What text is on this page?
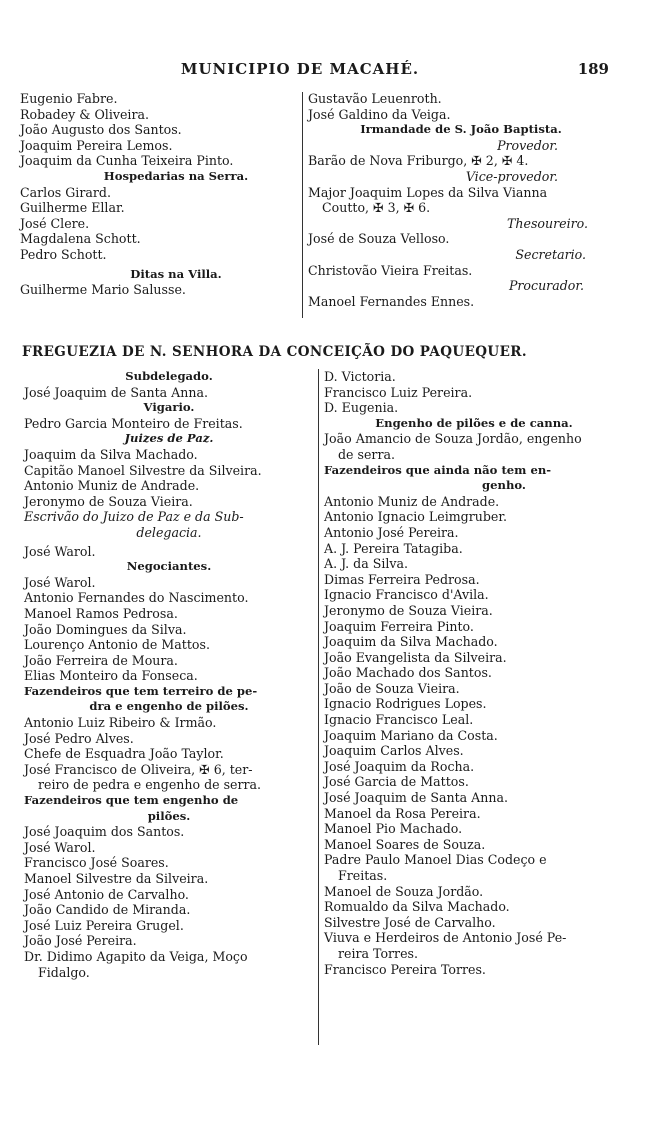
MUNICIPIO DE MACAHÉ.	189
Eugenio Fabre.
Robadey & Oliveira.
João Augusto dos Santos.
Joaquim Pereira Lemos.
Joaquim da Cunha Teixeira Pinto.
Hospedarias na Serra.
Carlos Girard.
Guilherme Ellar.
José Clere.
Magdalena Schott.
Pedro Schott.
Ditas na Villa.
Guilherme Mario Salusse.
Gustavão Leuenroth.
José Galdino da Veiga.
Irmandade de S. João Baptista.
Provedor.
Barão de Nova Friburgo, ✠ 2, ✠ 4.
Vice-provedor.
Major Joaquim Lopes da Silva Vianna
Coutto, ✠ 3, ✠ 6.
Thesoureiro.
José de Souza Velloso.
Secretario.
Christovão Vieira Freitas.
Procurador.
Manoel Fernandes Ennes.
FREGUEZIA DE N. SENHORA DA CONCEIÇÃO DO PAQUEQUER.
Subdelegado.
José Joaquim de Santa Anna.
Vigario.
Pedro Garcia Monteiro de Freitas.
Juizes de Paz.
Joaquim da Silva Machado.
Capitão Manoel Silvestre da Silveira.
Antonio Muniz de Andrade.
Jeronymo de Souza Vieira.
Escrivão do Juizo de Paz e da Sub-
delegacia.
José Warol.
Negociantes.
José Warol.
Antonio Fernandes do Nascimento.
Manoel Ramos Pedrosa.
João Domingues da Silva.
Lourenço Antonio de Mattos.
João Ferreira de Moura.
Elias Monteiro da Fonseca.
Fazendeiros que tem terreiro de pe-
dra e engenho de pilões.
Antonio Luiz Ribeiro & Irmão.
José Pedro Alves.
Chefe de Esquadra João Taylor.
José Francisco de Oliveira, ✠ 6, ter-
reiro de pedra e engenho de serra.
Fazendeiros que tem engenho de
pilões.
José Joaquim dos Santos.
José Warol.
Francisco José Soares.
Manoel Silvestre da Silveira.
José Antonio de Carvalho.
João Candido de Miranda.
José Luiz Pereira Grugel.
João José Pereira.
Dr. Didimo Agapito da Veiga, Moço
Fidalgo.
D. Victoria.
Francisco Luiz Pereira.
D. Eugenia.
Engenho de pilões e de canna.
João Amancio de Souza Jordão, engenho
de serra.
Fazendeiros que ainda não tem en-
genho.
Antonio Muniz de Andrade.
Antonio Ignacio Leimgruber.
Antonio José Pereira.
A. J. Pereira Tatagiba.
A. J. da Silva.
Dimas Ferreira Pedrosa.
Ignacio Francisco d'Avila.
Jeronymo de Souza Vieira.
Joaquim Ferreira Pinto.
Joaquim da Silva Machado.
João Evangelista da Silveira.
João Machado dos Santos.
João de Souza Vieira.
Ignacio Rodrigues Lopes.
Ignacio Francisco Leal.
Joaquim Mariano da Costa.
Joaquim Carlos Alves.
José Joaquim da Rocha.
José Garcia de Mattos.
José Joaquim de Santa Anna.
Manoel da Rosa Pereira.
Manoel Pio Machado.
Manoel Soares de Souza.
Padre Paulo Manoel Dias Codeço e
Freitas.
Manoel de Souza Jordão.
Romualdo da Silva Machado.
Silvestre José de Carvalho.
Viuva e Herdeiros de Antonio José Pe-
reira Torres.
Francisco Pereira Torres.
